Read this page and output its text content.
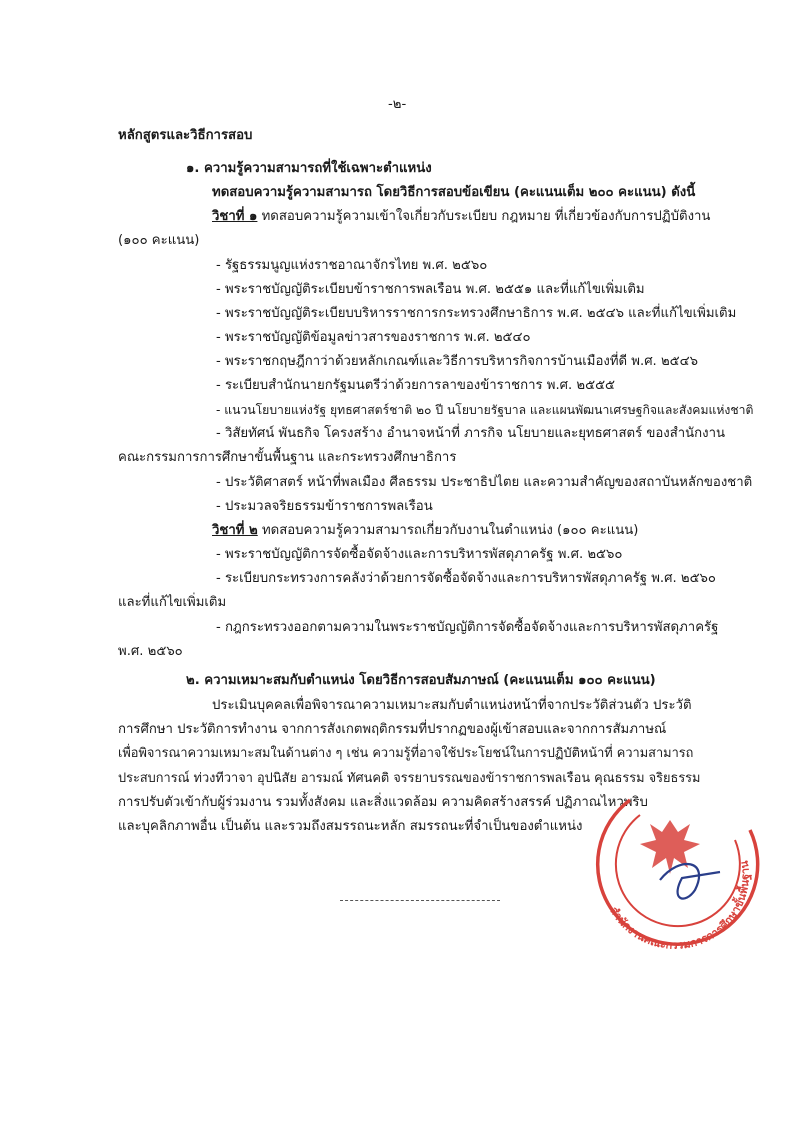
-๒-
หลักสูตรและวิธีการสอบ
๑. ความรู้ความสามารถที่ใช้เฉพาะตำแหน่ง
ทดสอบความรู้ความสามารถ โดยวิธีการสอบข้อเขียน (คะแนนเต็ม ๒๐๐ คะแนน) ดังนี้
วิชาที่ ๑ ทดสอบความรู้ความเข้าใจเกี่ยวกับระเบียบ กฎหมาย ที่เกี่ยวข้องกับการปฏิบัติงาน
(๑๐๐ คะแนน)
- รัฐธรรมนูญแห่งราชอาณาจักรไทย พ.ศ. ๒๕๖๐
- พระราชบัญญัติระเบียบข้าราชการพลเรือน พ.ศ. ๒๕๕๑ และที่แก้ไขเพิ่มเติม
- พระราชบัญญัติระเบียบบริหารราชการกระทรวงศึกษาธิการ พ.ศ. ๒๕๔๖ และที่แก้ไขเพิ่มเติม
- พระราชบัญญัติข้อมูลข่าวสารของราชการ พ.ศ. ๒๕๔๐
- พระราชกฤษฎีกาว่าด้วยหลักเกณฑ์และวิธีการบริหารกิจการบ้านเมืองที่ดี พ.ศ. ๒๕๔๖
- ระเบียบสำนักนายกรัฐมนตรีว่าด้วยการลาของข้าราชการ พ.ศ. ๒๕๕๕
- แนวนโยบายแห่งรัฐ ยุทธศาสตร์ชาติ ๒๐ ปี นโยบายรัฐบาล และแผนพัฒนาเศรษฐกิจและสังคมแห่งชาติ
- วิสัยทัศน์ พันธกิจ โครงสร้าง อำนาจหน้าที่ ภารกิจ นโยบายและยุทธศาสตร์ ของสำนักงาน
คณะกรรมการการศึกษาขั้นพื้นฐาน และกระทรวงศึกษาธิการ
- ประวัติศาสตร์ หน้าที่พลเมือง ศีลธรรม ประชาธิปไตย และความสำคัญของสถาบันหลักของชาติ
- ประมวลจริยธรรมข้าราชการพลเรือน
วิชาที่ ๒ ทดสอบความรู้ความสามารถเกี่ยวกับงานในตำแหน่ง (๑๐๐ คะแนน)
- พระราชบัญญัติการจัดซื้อจัดจ้างและการบริหารพัสดุภาครัฐ พ.ศ. ๒๕๖๐
- ระเบียบกระทรวงการคลังว่าด้วยการจัดซื้อจัดจ้างและการบริหารพัสดุภาครัฐ พ.ศ. ๒๕๖๐
และที่แก้ไขเพิ่มเติม
- กฎกระทรวงออกตามความในพระราชบัญญัติการจัดซื้อจัดจ้างและการบริหารพัสดุภาครัฐ
พ.ศ. ๒๕๖๐
๒. ความเหมาะสมกับตำแหน่ง โดยวิธีการสอบสัมภาษณ์ (คะแนนเต็ม ๑๐๐ คะแนน)
ประเมินบุคคลเพื่อพิจารณาความเหมาะสมกับตำแหน่งหน้าที่จากประวัติส่วนตัว ประวัติ
การศึกษา ประวัติการทำงาน จากการสังเกตพฤติกรรมที่ปรากฏของผู้เข้าสอบและจากการสัมภาษณ์
เพื่อพิจารณาความเหมาะสมในด้านต่าง ๆ เช่น ความรู้ที่อาจใช้ประโยชน์ในการปฏิบัติหน้าที่ ความสามารถ
ประสบการณ์ ท่วงทีวาจา อุปนิสัย อารมณ์ ทัศนคติ จรรยาบรรณของข้าราชการพลเรือน คุณธรรม จริยธรรม
การปรับตัวเข้ากับผู้ร่วมงาน รวมทั้งสังคม และสิ่งแวดล้อม ความคิดสร้างสรรค์ ปฏิภาณไหวพริบ
และบุคลิกภาพอื่น เป็นต้น และรวมถึงสมรรถนะหลัก สมรรถนะที่จำเป็นของตำแหน่ง
สำนักงานคณะกรรมการการศึกษาขั้นพื้นฐาน
